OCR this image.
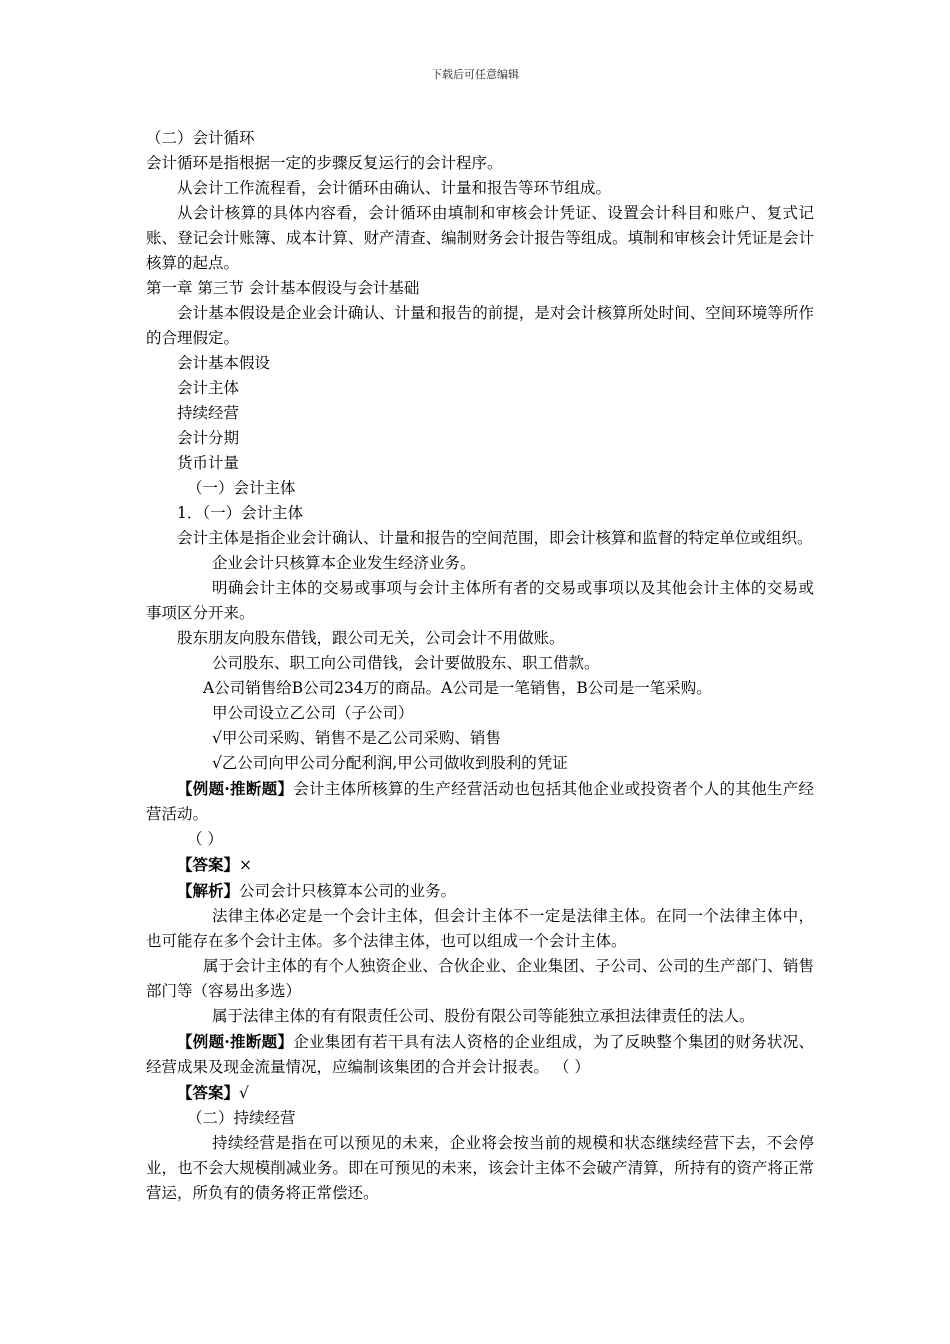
下载后可任意编辑

（二）会计循环

会计循环是指根据一定的步骤反复运行的会计程序。

从会计工作流程看，会计循环由确认、计量和报告等环节组成。

从会计核算的具体内容看，会计循环由填制和审核会计凭证、设置会计科目和账户、复式记账、登记会计账簿、成本计算、财产清查、编制财务会计报告等组成。填制和审核会计凭证是会计核算的起点。

第一章 第三节 会计基本假设与会计基础

会计基本假设是企业会计确认、计量和报告的前提，是对会计核算所处时间、空间环境等所作的合理假定。

会计基本假设

会计主体

持续经营

会计分期

货币计量

（一）会计主体

1．（一）会计主体

会计主体是指企业会计确认、计量和报告的空间范围，即会计核算和监督的特定单位或组织。

企业会计只核算本企业发生经济业务。

明确会计主体的交易或事项与会计主体所有者的交易或事项以及其他会计主体的交易或事项区分开来。

股东朋友向股东借钱，跟公司无关，公司会计不用做账。

公司股东、职工向公司借钱，会计要做股东、职工借款。

A公司销售给B公司234万的商品。A公司是一笔销售，B公司是一笔采购。

甲公司设立乙公司（子公司）

√甲公司采购、销售不是乙公司采购、销售

√乙公司向甲公司分配利润,甲公司做收到股利的凭证

【例题·推断题】会计主体所核算的生产经营活动也包括其他企业或投资者个人的其他生产经营活动。

（ ）

【答案】×

【解析】公司会计只核算本公司的业务。

法律主体必定是一个会计主体，但会计主体不一定是法律主体。在同一个法律主体中，也可能存在多个会计主体。多个法律主体，也可以组成一个会计主体。

属于会计主体的有个人独资企业、合伙企业、企业集团、子公司、公司的生产部门、销售部门等（容易出多选）

属于法律主体的有有限责任公司、股份有限公司等能独立承担法律责任的法人。

【例题·推断题】企业集团有若干具有法人资格的企业组成，为了反映整个集团的财务状况、经营成果及现金流量情况，应编制该集团的合并会计报表。 （ ）

【答案】√

（二）持续经营

持续经营是指在可以预见的未来，企业将会按当前的规模和状态继续经营下去，不会停业，也不会大规模削减业务。即在可预见的未来，该会计主体不会破产清算，所持有的资产将正常营运，所负有的债务将正常偿还。
